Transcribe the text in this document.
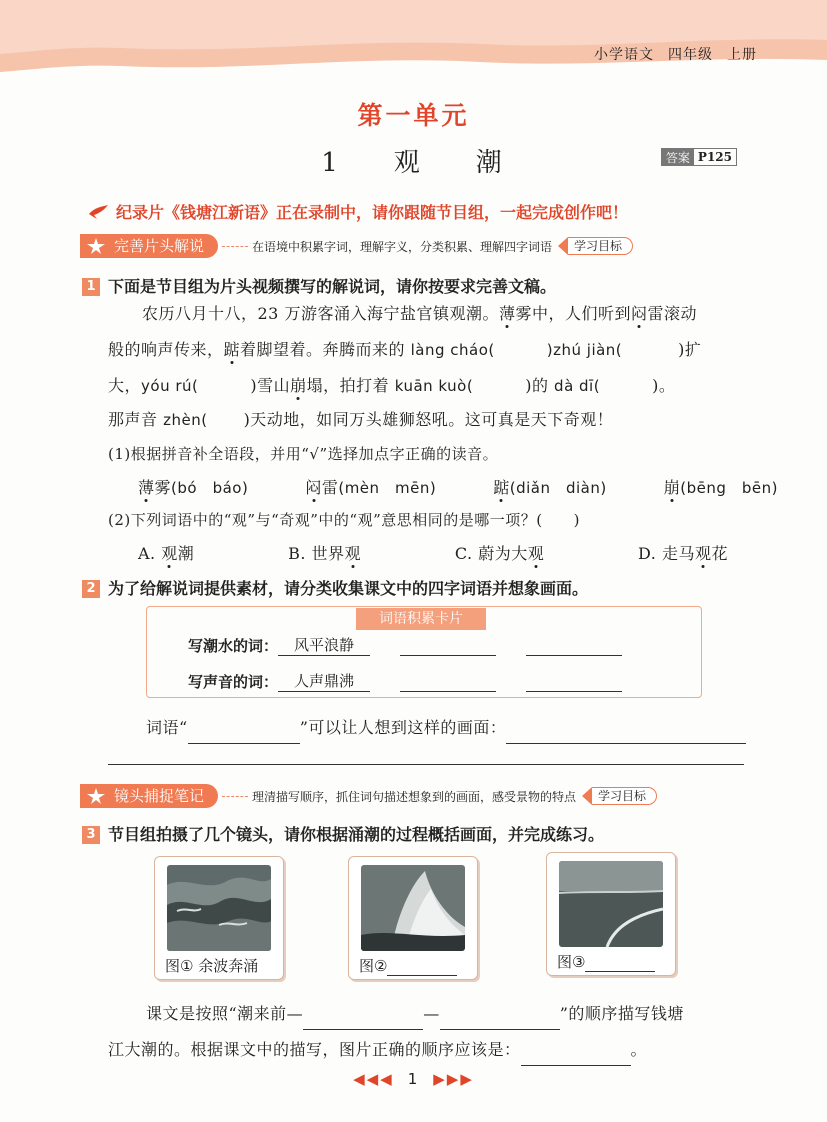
小学语文 四年级 上册
第一单元
1 观 潮	答案 P125
纪录片《钱塘江新语》正在录制中，请你跟随节目组，一起完成创作吧！
完善片头解说	在语境中积累字词，理解字义，分类积累、理解四字词语	学习目标
1 下面是节目组为片头视频撰写的解说词，请你按要求完善文稿。
农历八月十八，23 万游客涌入海宁盐官镇观潮。薄雾中，人们听到闷雷滚动
般的响声传来，踮着脚望着。奔腾而来的 làng cháo(	)zhú jiàn(	)扩
大，yóu rú(	)雪山崩塌，拍打着 kuān kuò(	)的 dà dī(	)。
那声音 zhèn( )天动地，如同万头雄狮怒吼。这可真是天下奇观！
(1)根据拼音补全语段，并用“√”选择加点字正确的读音。
薄雾(bó　báo)	闷雷(mèn　mēn)	踮(diǎn　diàn)	崩(bēng　bēn)
(2)下列词语中的“观”与“奇观”中的“观”意思相同的是哪一项？(　　)
A. 观潮	B. 世界观	C. 蔚为大观	D. 走马观花
2 为了给解说词提供素材，请分类收集课文中的四字词语并想象画面。
词语积累卡片
写潮水的词：	风平浪静
写声音的词：	人声鼎沸
词语“	”可以让人想到这样的画面：
镜头捕捉笔记	理清描写顺序，抓住词句描述想象到的画面，感受景物的特点	学习目标
3 节目组拍摄了几个镜头，请你根据涌潮的过程概括画面，并完成练习。
图① 余波奔涌	图②	图③
课文是按照“潮来前—	—	”的顺序描写钱塘
江大潮的。根据课文中的描写，图片正确的顺序应该是：	。
◀◀◀ 1 ▶▶▶
